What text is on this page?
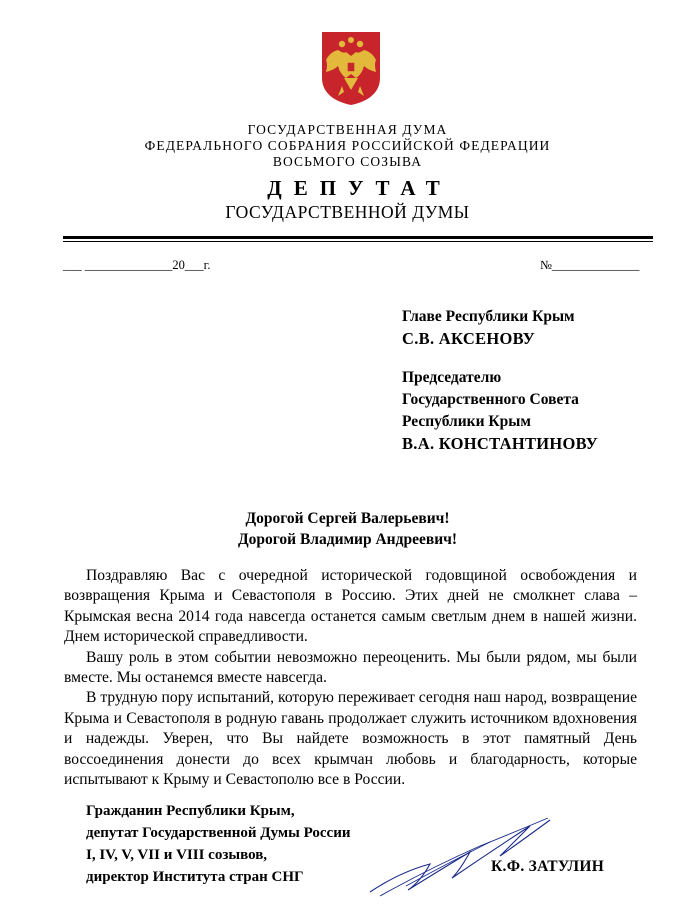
ГОСУДАРСТВЕННАЯ ДУМА
ФЕДЕРАЛЬНОГО СОБРАНИЯ РОССИЙСКОЙ ФЕДЕРАЦИИ
ВОСЬМОГО СОЗЫВА
ДЕПУТАТ
ГОСУДАРСТВЕННОЙ ДУМЫ
___ ______________20___г.	№______________
Главе Республики Крым
С.В. АКСЕНОВУ
Председателю
Государственного Совета
Республики Крым
В.А. КОНСТАНТИНОВУ
Дорогой Сергей Валерьевич!
Дорогой Владимир Андреевич!

Поздравляю Вас с очередной исторической годовщиной освобождения и возвращения Крыма и Севастополя в Россию. Этих дней не смолкнет слава – Крымская весна 2014 года навсегда останется самым светлым днем в нашей жизни. Днем исторической справедливости.

Вашу роль в этом событии невозможно переоценить. Мы были рядом, мы были вместе. Мы останемся вместе навсегда.

В трудную пору испытаний, которую переживает сегодня наш народ, возвращение Крыма и Севастополя в родную гавань продолжает служить источником вдохновения и надежды. Уверен, что Вы найдете возможность в этот памятный День воссоединения донести до всех крымчан любовь и благодарность, которые испытывают к Крыму и Севастополю все в России.

Гражданин Республики Крым,
депутат Государственной Думы России
I, IV, V, VII и VIII созывов,
директор Института стран СНГ
К.Ф. ЗАТУЛИН
